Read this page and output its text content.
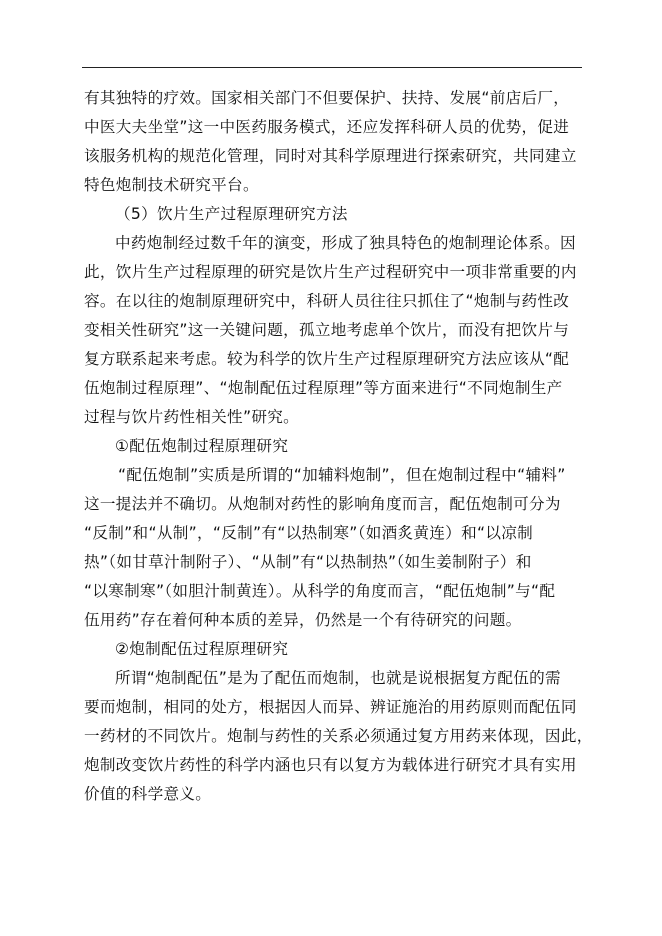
有其独特的疗效。国家相关部门不但要保护、扶持、发展“前店后厂，
中医大夫坐堂”这一中医药服务模式，还应发挥科研人员的优势，促进
该服务机构的规范化管理，同时对其科学原理进行探索研究，共同建立
特色炮制技术研究平台。
（5）饮片生产过程原理研究方法
中药炮制经过数千年的演变，形成了独具特色的炮制理论体系。因
此，饮片生产过程原理的研究是饮片生产过程研究中一项非常重要的内
容。在以往的炮制原理研究中，科研人员往往只抓住了“炮制与药性改
变相关性研究”这一关键问题，孤立地考虑单个饮片，而没有把饮片与
复方联系起来考虑。较为科学的饮片生产过程原理研究方法应该从“配
伍炮制过程原理”、“炮制配伍过程原理”等方面来进行“不同炮制生产
过程与饮片药性相关性”研究。
①配伍炮制过程原理研究
“配伍炮制”实质是所谓的“加辅料炮制”，但在炮制过程中“辅料”
这一提法并不确切。从炮制对药性的影响角度而言，配伍炮制可分为
“反制”和“从制”，“反制”有“以热制寒”（如酒炙黄连）和“以凉制
热”（如甘草汁制附子）、“从制”有“以热制热”（如生姜制附子）和
“以寒制寒”（如胆汁制黄连）。从科学的角度而言，“配伍炮制”与“配
伍用药”存在着何种本质的差异，仍然是一个有待研究的问题。
②炮制配伍过程原理研究
所谓“炮制配伍”是为了配伍而炮制，也就是说根据复方配伍的需
要而炮制，相同的处方，根据因人而异、辨证施治的用药原则而配伍同
一药材的不同饮片。炮制与药性的关系必须通过复方用药来体现，因此，
炮制改变饮片药性的科学内涵也只有以复方为载体进行研究才具有实用
价值的科学意义。
